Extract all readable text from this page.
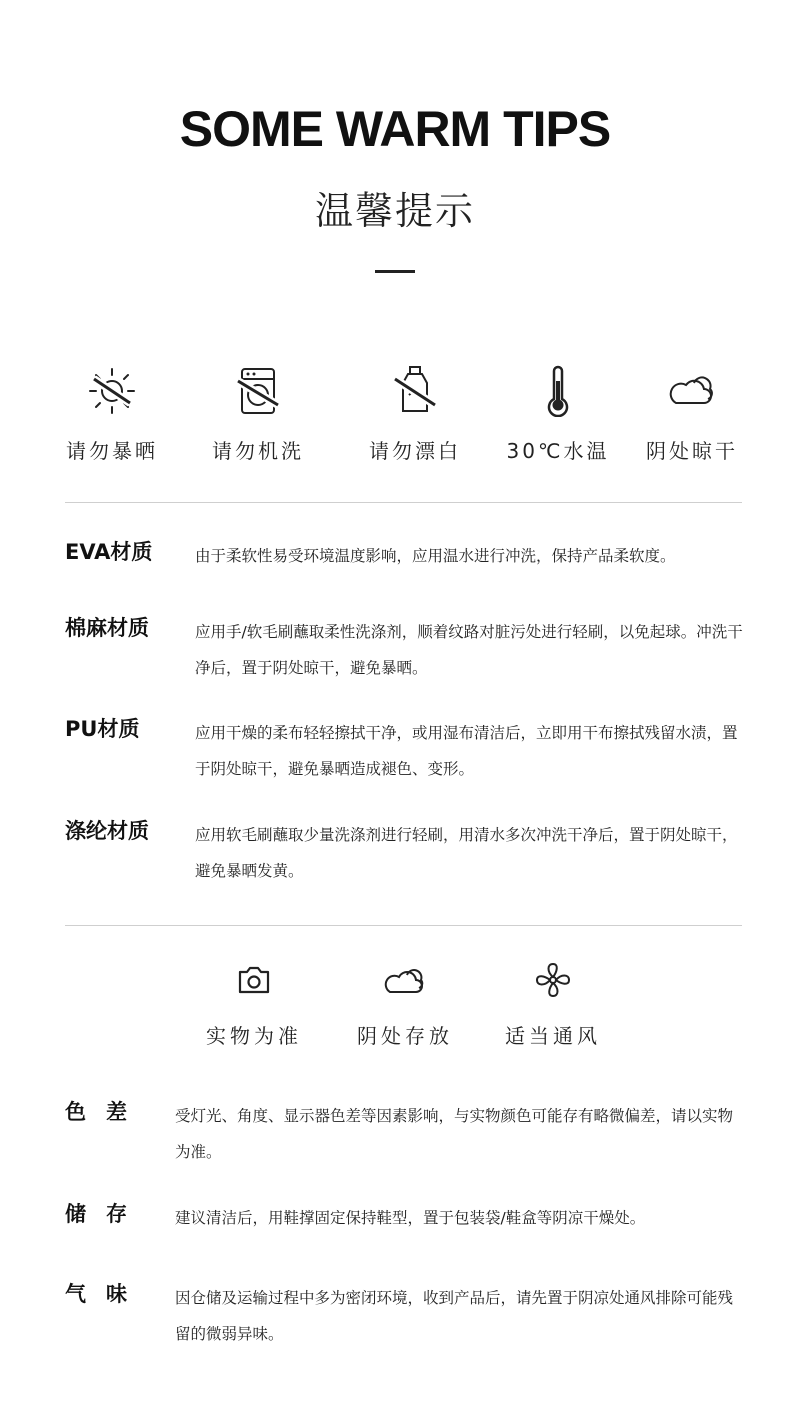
SOME WARM TIPS
温馨提示
请勿暴晒	请勿机洗	请勿漂白	30℃水温	阴处晾干
EVA材质	由于柔软性易受环境温度影响，应用温水进行冲洗，保持产品柔软度。
棉麻材质	应用手/软毛刷蘸取柔性洗涤剂，顺着纹路对脏污处进行轻刷，以免起球。冲洗干净后，置于阴处晾干，避免暴晒。
PU材质	应用干燥的柔布轻轻擦拭干净，或用湿布清洁后，立即用干布擦拭残留水渍，置于阴处晾干，避免暴晒造成褪色、变形。
涤纶材质	应用软毛刷蘸取少量洗涤剂进行轻刷，用清水多次冲洗干净后，置于阴处晾干，避免暴晒发黄。
实物为准	阴处存放	适当通风
色差 受灯光、角度、显示器色差等因素影响，与实物颜色可能存有略微偏差，请以实物为准。
储存 建议清洁后，用鞋撑固定保持鞋型，置于包装袋/鞋盒等阴凉干燥处。
气味 因仓储及运输过程中多为密闭环境，收到产品后，请先置于阴凉处通风排除可能残留的微弱异味。
